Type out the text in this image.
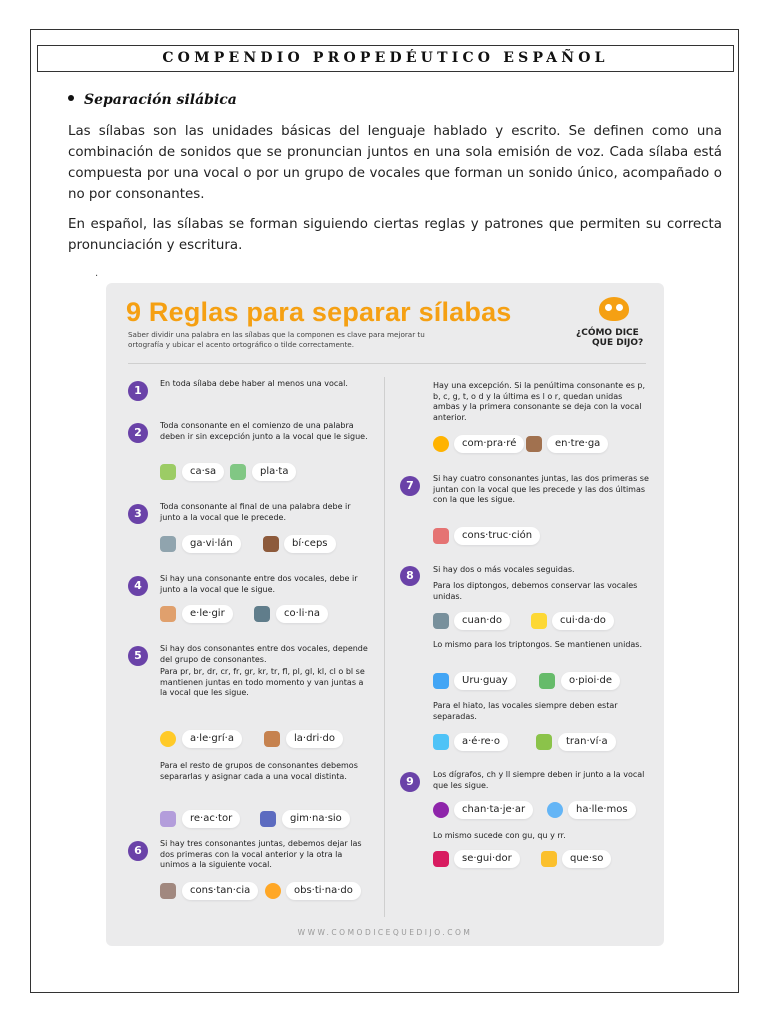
COMPENDIO PROPEDÉUTICO ESPAÑOL
Separación silábica

Las sílabas son las unidades básicas del lenguaje hablado y escrito. Se definen como una combinación de sonidos que se pronuncian juntos en una sola emisión de voz. Cada sílaba está compuesta por una vocal o por un grupo de vocales que forman un sonido único, acompañado o no por consonantes.

En español, las sílabas se forman siguiendo ciertas reglas y patrones que permiten su correcta pronunciación y escritura.

.
9 Reglas para separar sílabas
Saber dividir una palabra en las sílabas que la componen es clave para mejorar tu ortografía y ubicar el acento ortográfico o tilde correctamente.
¿CÓMO DICE
QUE DIJO?
1
En toda sílaba debe haber al menos una vocal.
2
Toda consonante en el comienzo de una palabra deben ir sin excepción junto a la vocal que le sigue.
ca·sa	pla·ta
3
Toda consonante al final de una palabra debe ir junto a la vocal que le precede.
ga·vi·lán	bí·ceps
4
Si hay una consonante entre dos vocales, debe ir junto a la vocal que le sigue.
e·le·gir	co·li·na
5
Si hay dos consonantes entre dos vocales, depende del grupo de consonantes.
Para pr, br, dr, cr, fr, gr, kr, tr, fl, pl, gl, kl, cl o bl se mantienen juntas en todo momento y van juntas a la vocal que les sigue.
a·le·grí·a	la·dri·do
Para el resto de grupos de consonantes debemos separarlas y asignar cada a una vocal distinta.
re·ac·tor	gim·na·sio
6
Si hay tres consonantes juntas, debemos dejar las dos primeras con la vocal anterior y la otra la unimos a la siguiente vocal.
cons·tan·cia	obs·ti·na·do
Hay una excepción. Si la penúltima consonante es p, b, c, g, t, o d y la última es l o r, quedan unidas ambas y la primera consonante se deja con la vocal anterior.
com·pra·ré	en·tre·ga
7
Si hay cuatro consonantes juntas, las dos primeras se juntan con la vocal que les precede y las dos últimas con la que les sigue.
cons·truc·ción
8	Si hay dos o más vocales seguidas.
Para los diptongos, debemos conservar las vocales unidas.
cuan·do	cui·da·do
Lo mismo para los triptongos. Se mantienen unidas.
Uru·guay	o·pioi·de
Para el hiato, las vocales siempre deben estar separadas.
a·é·re·o	tran·ví·a
9
Los dígrafos, ch y ll siempre deben ir junto a la vocal que les sigue.
chan·ta·je·ar	ha·lle·mos
Lo mismo sucede con gu, qu y rr.
se·gui·dor	que·so
WWW.COMODICEQUEDIJO.COM
